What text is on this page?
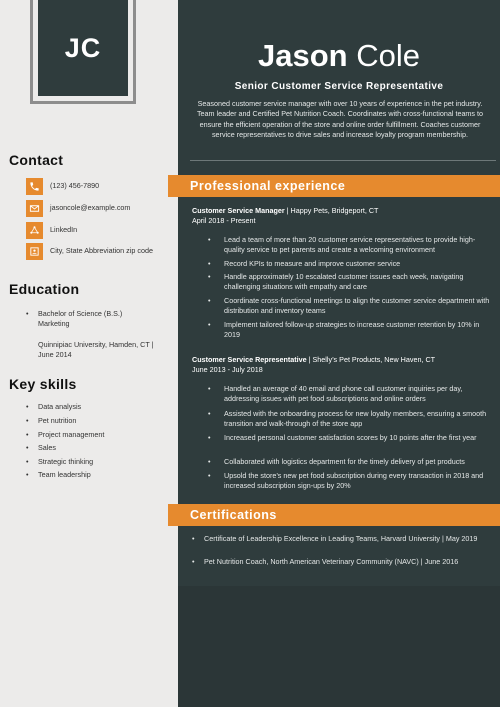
JC
Contact
(123) 456-7890
jasoncole@example.com
LinkedIn
City, State Abbreviation zip code
Education
•	Bachelor of Science (B.S.) Marketing
Quinnipiac University, Hamden, CT | June 2014
Key skills
•	Data analysis
•	Pet nutrition
•	Project management
•	Sales
•	Strategic thinking
•	Team leadership
Jason Cole
Senior Customer Service Representative
Seasoned customer service manager with over 10 years of experience in the pet industry. Team leader and Certified Pet Nutrition Coach. Coordinates with cross-functional teams to ensure the efficient operation of the store and online order fulfillment. Coaches customer service representatives to drive sales and increase loyalty program membership.
Professional experience
Customer Service Manager | Happy Pets, Bridgeport, CT
April 2018 - Present
•	Lead a team of more than 20 customer service representatives to provide high-quality service to pet parents and create a welcoming environment
•	Record KPIs to measure and improve customer service
•	Handle approximately 10 escalated customer issues each week, navigating challenging situations with empathy and care
•	Coordinate cross-functional meetings to align the customer service department with distribution and inventory teams
•	Implement tailored follow-up strategies to increase customer retention by 10% in 2019
Customer Service Representative | Shelly’s Pet Products, New Haven, CT
June 2013 - July 2018
•	Handled an average of 40 email and phone call customer inquiries per day, addressing issues with pet food subscriptions and online orders
•	Assisted with the onboarding process for new loyalty members, ensuring a smooth transition and walk-through of the store app
•	Increased personal customer satisfaction scores by 10 points after the first year
•	Collaborated with logistics department for the timely delivery of pet products
•	Upsold the store’s new pet food subscription during every transaction in 2018 and increased subscription sign-ups by 20%
Certifications
•	Certificate of Leadership Excellence in Leading Teams, Harvard University | May 2019
•	Pet Nutrition Coach, North American Veterinary Community (NAVC) | June 2016
